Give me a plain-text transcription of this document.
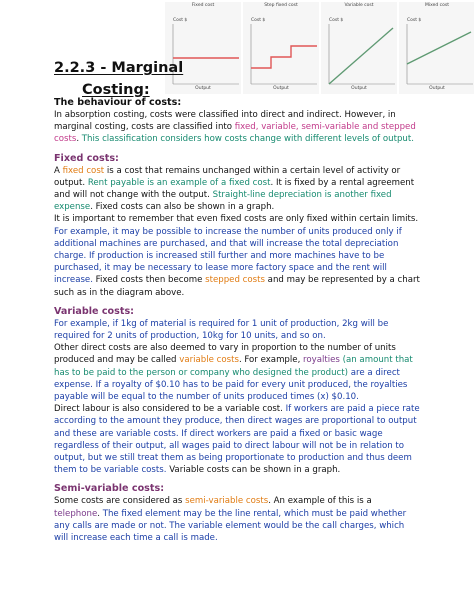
Fixed cost
Cost $
Output
Step fixed cost
Cost $
Output
Variable cost
Cost $
Output
Mixed cost
Cost $
Output
2.2.3 - Marginal
Costing:

The behaviour of costs:

In absorption costing, costs were classified into direct and indirect. However, in marginal costing, costs are classified into fixed, variable, semi-variable and stepped costs. This classification considers how costs change with different levels of output.

Fixed costs:

A fixed cost is a cost that remains unchanged within a certain level of activity or output. Rent payable is an example of a fixed cost. It is fixed by a rental agreement and will not change with the output. Straight-line depreciation is another fixed expense. Fixed costs can also be shown in a graph.

It is important to remember that even fixed costs are only fixed within certain limits. For example, it may be possible to increase the number of units produced only if additional machines are purchased, and that will increase the total depreciation charge. If production is increased still further and more machines have to be purchased, it may be necessary to lease more factory space and the rent will increase. Fixed costs then become stepped costs and may be represented by a chart such as in the diagram above.

Variable costs:

For example, if 1kg of material is required for 1 unit of production, 2kg will be required for 2 units of production, 10kg for 10 units, and so on.

Other direct costs are also deemed to vary in proportion to the number of units produced and may be called variable costs. For example, royalties (an amount that has to be paid to the person or company who designed the product) are a direct expense. If a royalty of $0.10 has to be paid for every unit produced, the royalties payable will be equal to the number of units produced times (x) $0.10.

Direct labour is also considered to be a variable cost. If workers are paid a piece rate according to the amount they produce, then direct wages are proportional to output and these are variable costs. If direct workers are paid a fixed or basic wage regardless of their output, all wages paid to direct labour will not be in relation to output, but we still treat them as being proportionate to production and thus deem them to be variable costs. Variable costs can be shown in a graph.

Semi-variable costs:

Some costs are considered as semi-variable costs. An example of this is a telephone. The fixed element may be the line rental, which must be paid whether any calls are made or not. The variable element would be the call charges, which will increase each time a call is made.
